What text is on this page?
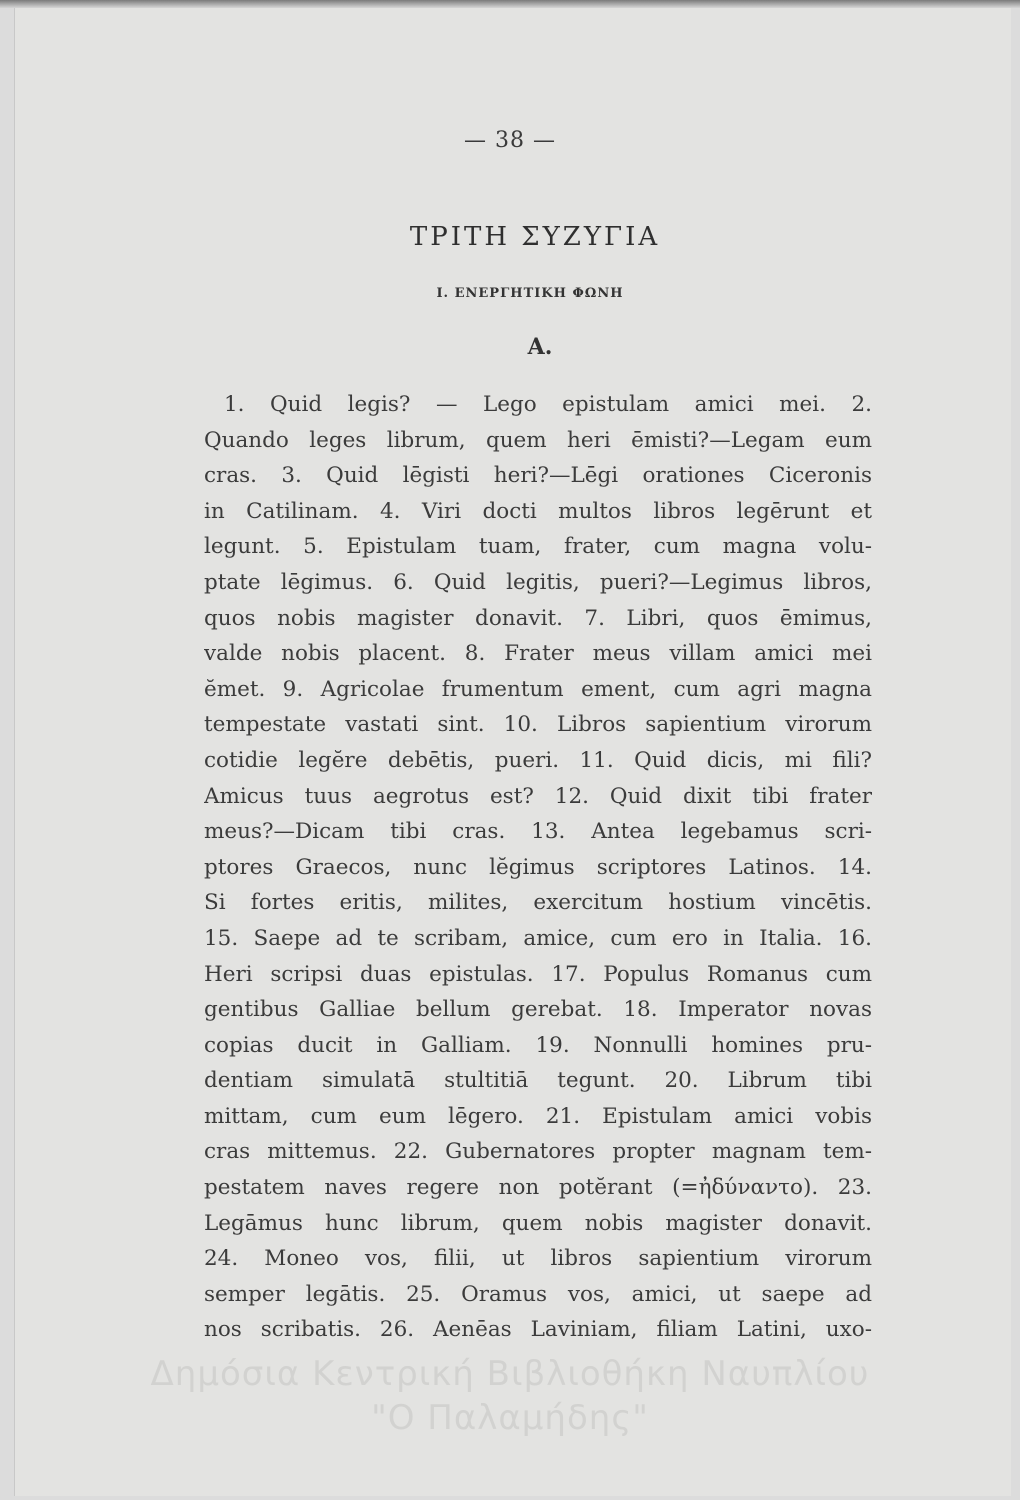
— 38 —
ΤΡΙΤΗ ΣΥΖΥΓΙΑ
I. ΕΝΕΡΓΗΤΙΚΗ ΦΩΝΗ
A.
1. Quid legis? — Lego epistulam amici mei. 2.
Quando leges librum, quem heri ēmisti?—Legam eum
cras. 3. Quid lēgisti heri?—Lēgi orationes Ciceronis
in Catilinam. 4. Viri docti multos libros legērunt et
legunt. 5. Epistulam tuam, frater, cum magna volu-
ptate lēgimus. 6. Quid legitis, pueri?—Legimus libros,
quos nobis magister donavit. 7. Libri, quos ēmimus,
valde nobis placent. 8. Frater meus villam amici mei
ĕmet. 9. Agricolae frumentum ement, cum agri magna
tempestate vastati sint. 10. Libros sapientium virorum
cotidie legĕre debētis, pueri. 11. Quid dicis, mi fili?
Amicus tuus aegrotus est? 12. Quid dixit tibi frater
meus?—Dicam tibi cras. 13. Antea legebamus scri-
ptores Graecos, nunc lĕgimus scriptores Latinos. 14.
Si fortes eritis, milites, exercitum hostium vincētis.
15. Saepe ad te scribam, amice, cum ero in Italia. 16.
Heri scripsi duas epistulas. 17. Populus Romanus cum
gentibus Galliae bellum gerebat. 18. Imperator novas
copias ducit in Galliam. 19. Nonnulli homines pru-
dentiam simulatā stultitiā tegunt. 20. Librum tibi
mittam, cum eum lēgero. 21. Epistulam amici vobis
cras mittemus. 22. Gubernatores propter magnam tem-
pestatem naves regere non potĕrant (=ἠδύναντο). 23.
Legāmus hunc librum, quem nobis magister donavit.
24. Moneo vos, filii, ut libros sapientium virorum
semper legātis. 25. Oramus vos, amici, ut saepe ad
nos scribatis. 26. Aenēas Laviniam, filiam Latini, uxo-
Δημόσια Κεντρική Βιβλιοθήκη Ναυπλίου
"Ο Παλαμήδης"
